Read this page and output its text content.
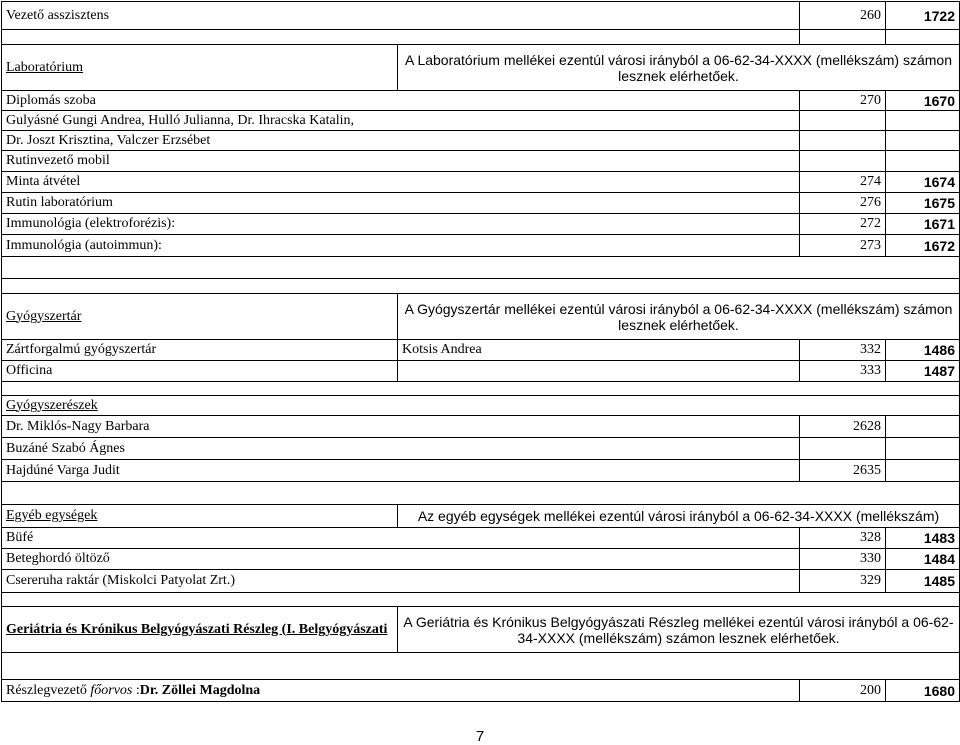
Vezető asszisztens		260	1722

Laboratórium	A Laboratórium mellékei ezentúl városi irányból a 06-62-34-XXXX (mellékszám) számon lesznek elérhetőek.		
Diplomás szoba		270	1670
Gulyásné Gungi Andrea, Hulló Julianna, Dr. Ihracska Katalin,			
Dr. Joszt Krisztina, Valczer Erzsébet			
Rutinvezető mobil			
Minta átvétel		274	1674
Rutin laboratórium		276	1675
Immunológia (elektroforézis):		272	1671
Immunológia (autoimmun):		273	1672

Gyógyszertár	A Gyógyszertár mellékei ezentúl városi irányból a 06-62-34-XXXX (mellékszám) számon lesznek elérhetőek.		
Zártforgalmú gyógyszertár	Kotsis Andrea	332	1486
Officina		333	1487

Gyógyszerészek			
Dr. Miklós-Nagy Barbara		2628	
Buzáné Szabó Ágnes			
Hajdúné Varga Judit		2635	

Egyéb egységek	Az egyéb egységek mellékei ezentúl városi irányból a 06-62-34-XXXX (mellékszám)		
Büfé		328	1483
Beteghordó öltöző		330	1484
Csereruha raktár (Miskolci Patyolat Zrt.)		329	1485

Geriátria és Krónikus Belgyógyászati Részleg (I. Belgyógyászati	A Geriátria és Krónikus Belgyógyászati Részleg mellékei ezentúl városi irányból a 06-62-34-XXXX (mellékszám) számon lesznek elérhetőek.		

Részlegvezető főorvos :Dr. Zöllei Magdolna		200	1680
7
